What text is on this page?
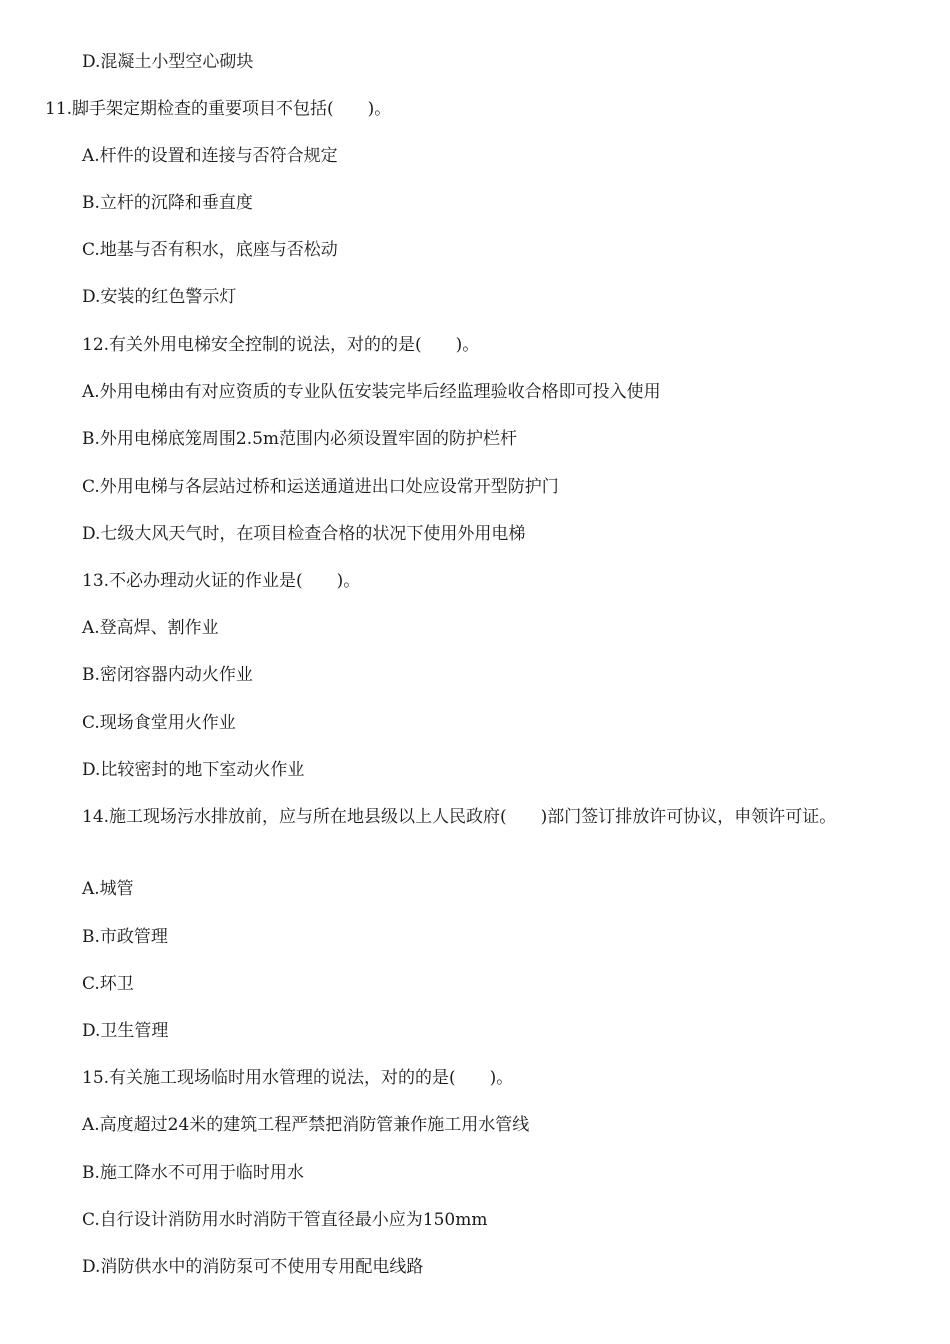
D.混凝土小型空心砌块
11.脚手架定期检查的重要项目不包括(　　)。
A.杆件的设置和连接与否符合规定
B.立杆的沉降和垂直度
C.地基与否有积水，底座与否松动
D.安装的红色警示灯
12.有关外用电梯安全控制的说法，对的的是(　　)。
A.外用电梯由有对应资质的专业队伍安装完毕后经监理验收合格即可投入使用
B.外用电梯底笼周围2.5m范围内必须设置牢固的防护栏杆
C.外用电梯与各层站过桥和运送通道进出口处应设常开型防护门
D.七级大风天气时，在项目检查合格的状况下使用外用电梯
13.不必办理动火证的作业是(　　)。
A.登高焊、割作业
B.密闭容器内动火作业
C.现场食堂用火作业
D.比较密封的地下室动火作业
14.施工现场污水排放前，应与所在地县级以上人民政府(　　)部门签订排放许可协议，申领许可证。
A.城管
B.市政管理
C.环卫
D.卫生管理
15.有关施工现场临时用水管理的说法，对的的是(　　)。
A.高度超过24米的建筑工程严禁把消防管兼作施工用水管线
B.施工降水不可用于临时用水
C.自行设计消防用水时消防干管直径最小应为150mm
D.消防供水中的消防泵可不使用专用配电线路
